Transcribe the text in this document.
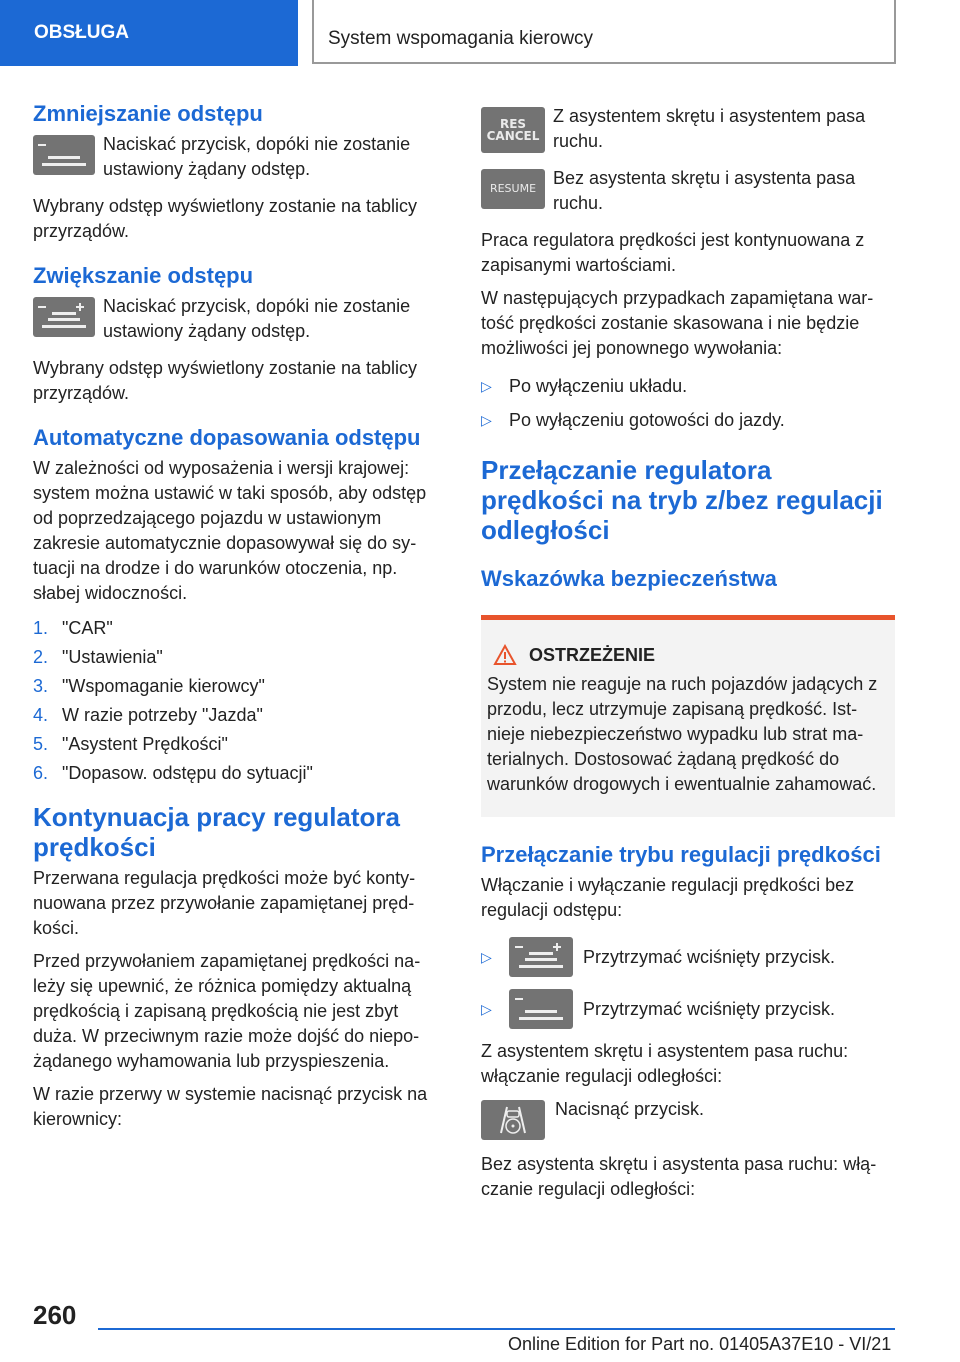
OBSŁUGA	System wspomagania kierowcy
Zmniejszanie odstępu
Naciskać przycisk, dopóki nie zostanie ustawiony żądany odstęp.

Wybrany odstęp wyświetlony zostanie na tablicy przyrządów.

Zwiększanie odstępu
Naciskać przycisk, dopóki nie zostanie ustawiony żądany odstęp.

Wybrany odstęp wyświetlony zostanie na tablicy przyrządów.

Automatyczne dopasowania odstępu

W zależności od wyposażenia i wersji krajowej: system można ustawić w taki sposób, aby odstęp od poprzedzającego pojazdu w ustawionym zakresie automatycznie dopasowywał się do sytuacji na drodze i do warunków otoczenia, np. słabej widoczności.

1. "CAR"
2. "Ustawienia"
3. "Wspomaganie kierowcy"
4. W razie potrzeby "Jazda"
5. "Asystent Prędkości"
6. "Dopasow. odstępu do sytuacji"
Kontynuacja pracy regulatora prędkości

Przerwana regulacja prędkości może być kontynuowana przez przywołanie zapamiętanej prędkości.

Przed przywołaniem zapamiętanej prędkości należy się upewnić, że różnica pomiędzy aktualną prędkością i zapisaną prędkością nie jest zbyt duża. W przeciwnym razie może dojść do niepożądanego wyhamowania lub przyspieszenia.

W razie przerwy w systemie nacisnąć przycisk na kierownicy:

RES
CANCEL
Z asystentem skrętu i asystentem pasa ruchu.
RESUME
Bez asystenta skrętu i asystenta pasa ruchu.

Praca regulatora prędkości jest kontynuowana z zapisanymi wartościami.

W następujących przypadkach zapamiętana wartość prędkości zostanie skasowana i nie będzie możliwości jej ponownego wywołania:

▷ Po wyłączeniu układu.
▷ Po wyłączeniu gotowości do jazdy.
Przełączanie regulatora prędkości na tryb z/bez regulacji odległości
Wskazówka bezpieczeństwa
OSTRZEŻENIE

System nie reaguje na ruch pojazdów jadących z przodu, lecz utrzymuje zapisaną prędkość. Istnieje niebezpieczeństwo wypadku lub strat materialnych. Dostosować żądaną prędkość do warunków drogowych i ewentualnie zahamować.

Przełączanie trybu regulacji prędkości

Włączanie i wyłączanie regulacji prędkości bez regulacji odstępu:

▷	Przytrzymać wciśnięty przycisk.
▷	Przytrzymać wciśnięty przycisk.

Z asystentem skrętu i asystentem pasa ruchu: włączanie regulacji odległości:

Nacisnąć przycisk.

Bez asystenta skrętu i asystenta pasa ruchu: włączanie regulacji odległości:

260
Online Edition for Part no. 01405A37E10 - VI/21
